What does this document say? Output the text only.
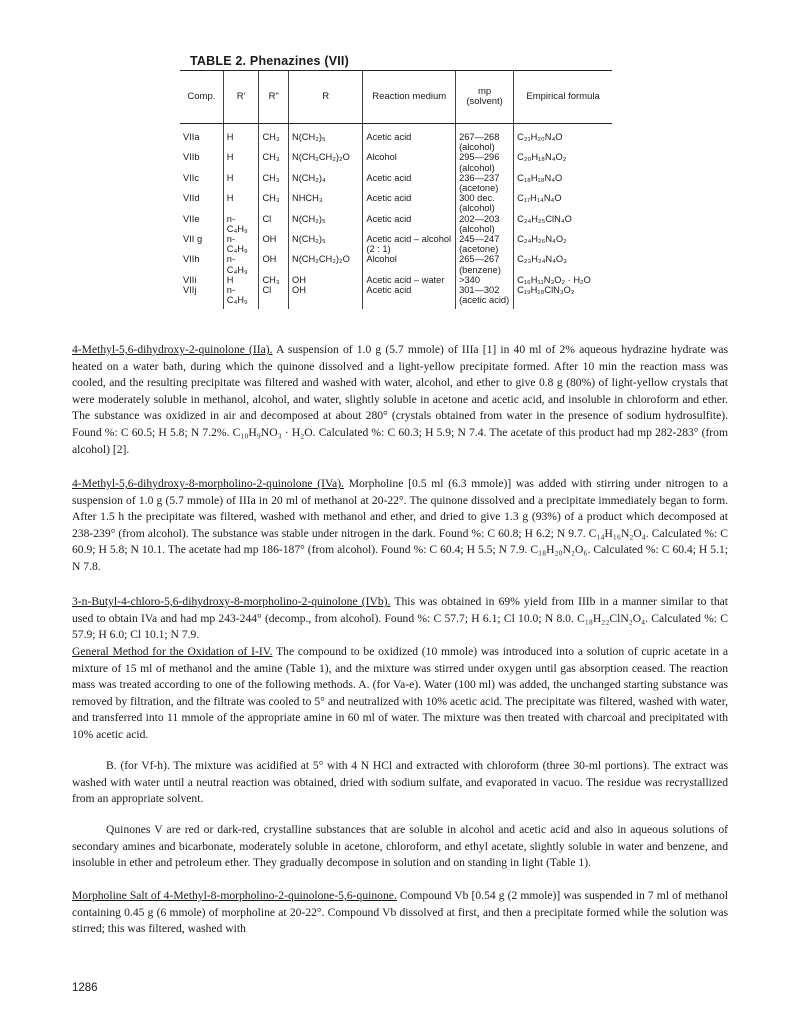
TABLE 2. Phenazines (VII)
Comp.	R'	R"	R	Reaction medium	mp (solvent)	Empirical formula
VIIa	H	CH₃	N(CH₂)₅	Acetic acid	267—268 (alcohol)	C₂₁H₂₀N₄O
VIIb	H	CH₃	N(CH₂CH₂)₂O	Alcohol	295—296 (alcohol)	C₂₀H₁₈N₄O₂
VIIc	H	CH₃	N(CH₂)₄	Acetic acid	236—237 (acetone)	C₁₈H₁₈N₄O
VIId	H	CH₃	NHCH₃	Acetic acid	300 dec. (alcohol)	C₁₇H₁₄N₄O
VIIe	n-C₄H₉	Cl	N(CH₂)₅	Acetic acid	202—203 (alcohol)	C₂₄H₂₅ClN₄O
VII g	n-C₄H₉	OH	N(CH₂)₅	Acetic acid – alcohol (2 : 1)	245—247 (acetone)	C₂₄H₂₆N₄O₂
VIIh	n-C₄H₉	OH	N(CH₂CH₂)₂O	Alcohol	265—267 (benzene)	C₂₃H₂₄N₄O₃
VIIi	H	CH₃	OH	Acetic acid – water	>340	C₁₆H₁₁N₃O₂ · H₂O
VIIj	n-C₄H₉	Cl	OH	Acetic acid	301—302 (acetic acid)	C₁₉H₁₈ClN₃O₂

4-Methyl-5,6-dihydroxy-2-quinolone (IIa). A suspension of 1.0 g (5.7 mmole) of IIIa [1] in 40 ml of 2% aqueous hydrazine hydrate was heated on a water bath, during which the quinone dissolved and a light-yellow precipitate formed. After 10 min the reaction mass was cooled, and the resulting precipitate was filtered and washed with water, alcohol, and ether to give 0.8 g (80%) of light-yellow crystals that were moderately soluble in methanol, alcohol, and water, slightly soluble in acetone and acetic acid, and insoluble in chloroform and ether. The substance was oxidized in air and decomposed at about 280° (crystals obtained from water in the presence of sodium hydrosulfite). Found %: C 60.5; H 5.8; N 7.2%. C₁₀H₉NO₃ · H₂O. Calculated %: C 60.3; H 5.9; N 7.4. The acetate of this product had mp 282-283° (from alcohol) [2].

4-Methyl-5,6-dihydroxy-8-morpholino-2-quinolone (IVa). Morpholine [0.5 ml (6.3 mmole)] was added with stirring under nitrogen to a suspension of 1.0 g (5.7 mmole) of IIIa in 20 ml of methanol at 20-22°. The quinone dissolved and a precipitate immediately began to form. After 1.5 h the precipitate was filtered, washed with methanol and ether, and dried to give 1.3 g (93%) of a product which decomposed at 238-239° (from alcohol). The substance was stable under nitrogen in the dark. Found %: C 60.8; H 6.2; N 9.7. C₁₄H₁₆N₂O₄. Calculated %: C 60.9; H 5.8; N 10.1. The acetate had mp 186-187° (from alcohol). Found %: C 60.4; H 5.5; N 7.9. C₁₈H₂₀N₂O₆. Calculated %: C 60.4; H 5.1; N 7.8.

3-n-Butyl-4-chloro-5,6-dihydroxy-8-morpholino-2-quinolone (IVb). This was obtained in 69% yield from IIIb in a manner similar to that used to obtain IVa and had mp 243-244° (decomp., from alcohol). Found %: C 57.7; H 6.1; Cl 10.0; N 8.0. C₁₈H₂₂ClN₂O₄. Calculated %: C 57.9; H 6.0; Cl 10.1; N 7.9.

General Method for the Oxidation of I-IV. The compound to be oxidized (10 mmole) was introduced into a solution of cupric acetate in a mixture of 15 ml of methanol and the amine (Table 1), and the mixture was stirred under oxygen until gas absorption ceased. The reaction mass was treated according to one of the following methods. A. (for Va-e). Water (100 ml) was added, the unchanged starting substance was removed by filtration, and the filtrate was cooled to 5° and neutralized with 10% acetic acid. The precipitate was filtered, washed with water, and transferred into 11 mmole of the appropriate amine in 60 ml of water. The mixture was then treated with charcoal and precipitated with 10% acetic acid.

B. (for Vf-h). The mixture was acidified at 5° with 4 N HCl and extracted with chloroform (three 30-ml portions). The extract was washed with water until a neutral reaction was obtained, dried with sodium sulfate, and evaporated in vacuo. The residue was recrystallized from an appropriate solvent.

Quinones V are red or dark-red, crystalline substances that are soluble in alcohol and acetic acid and also in aqueous solutions of secondary amines and bicarbonate, moderately soluble in acetone, chloroform, and ethyl acetate, slightly soluble in water and benzene, and insoluble in ether and petroleum ether. They gradually decompose in solution and on standing in light (Table 1).

Morpholine Salt of 4-Methyl-8-morpholino-2-quinolone-5,6-quinone. Compound Vb [0.54 g (2 mmole)] was suspended in 7 ml of methanol containing 0.45 g (6 mmole) of morpholine at 20-22°. Compound Vb dissolved at first, and then a precipitate formed while the solution was stirred; this was filtered, washed with

1286
